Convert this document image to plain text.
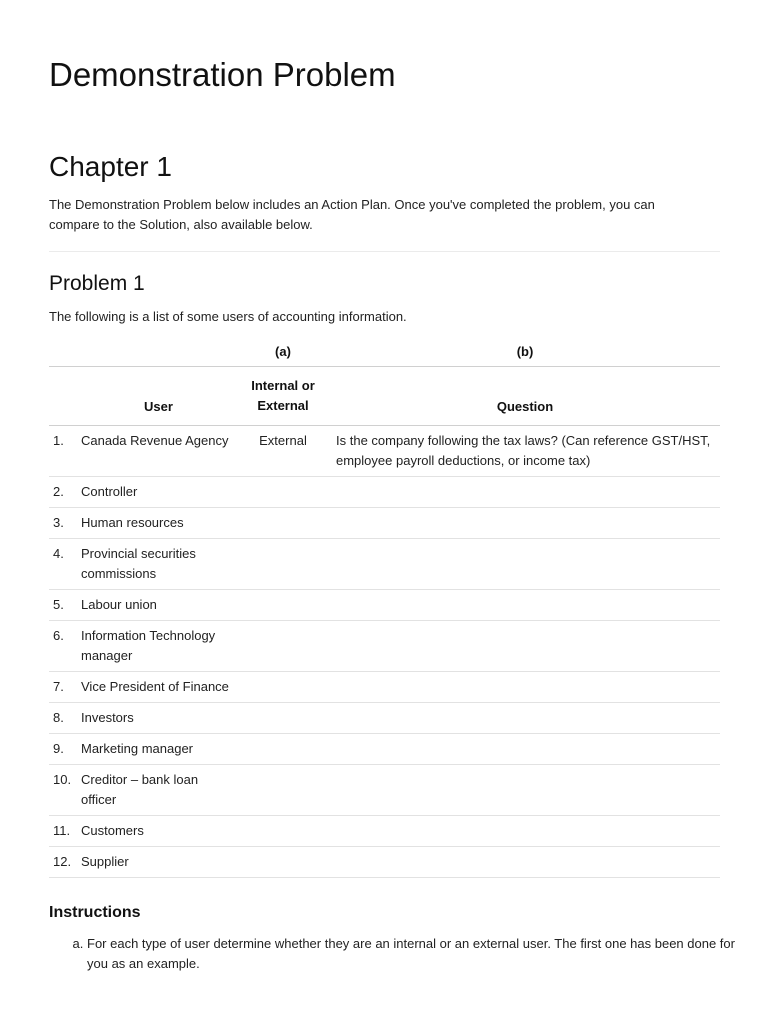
Demonstration Problem
Chapter 1

The Demonstration Problem below includes an Action Plan. Once you've completed the problem, you can compare to the Solution, also available below.

Problem 1

The following is a list of some users of accounting information.

		(a)	(b)
	User	Internal or External	Question
1.	Canada Revenue Agency	External	Is the company following the tax laws? (Can reference GST/HST, employee payroll deductions, or income tax)
2.	Controller		
3.	Human resources		
4.	Provincial securities commissions		
5.	Labour union		
6.	Information Technology manager		
7.	Vice President of Finance		
8.	Investors		
9.	Marketing manager		
10.	Creditor – bank loan officer		
11.	Customers		
12.	Supplier		
Instructions
a. For each type of user determine whether they are an internal or an external user. The first one has been done for you as an example.
